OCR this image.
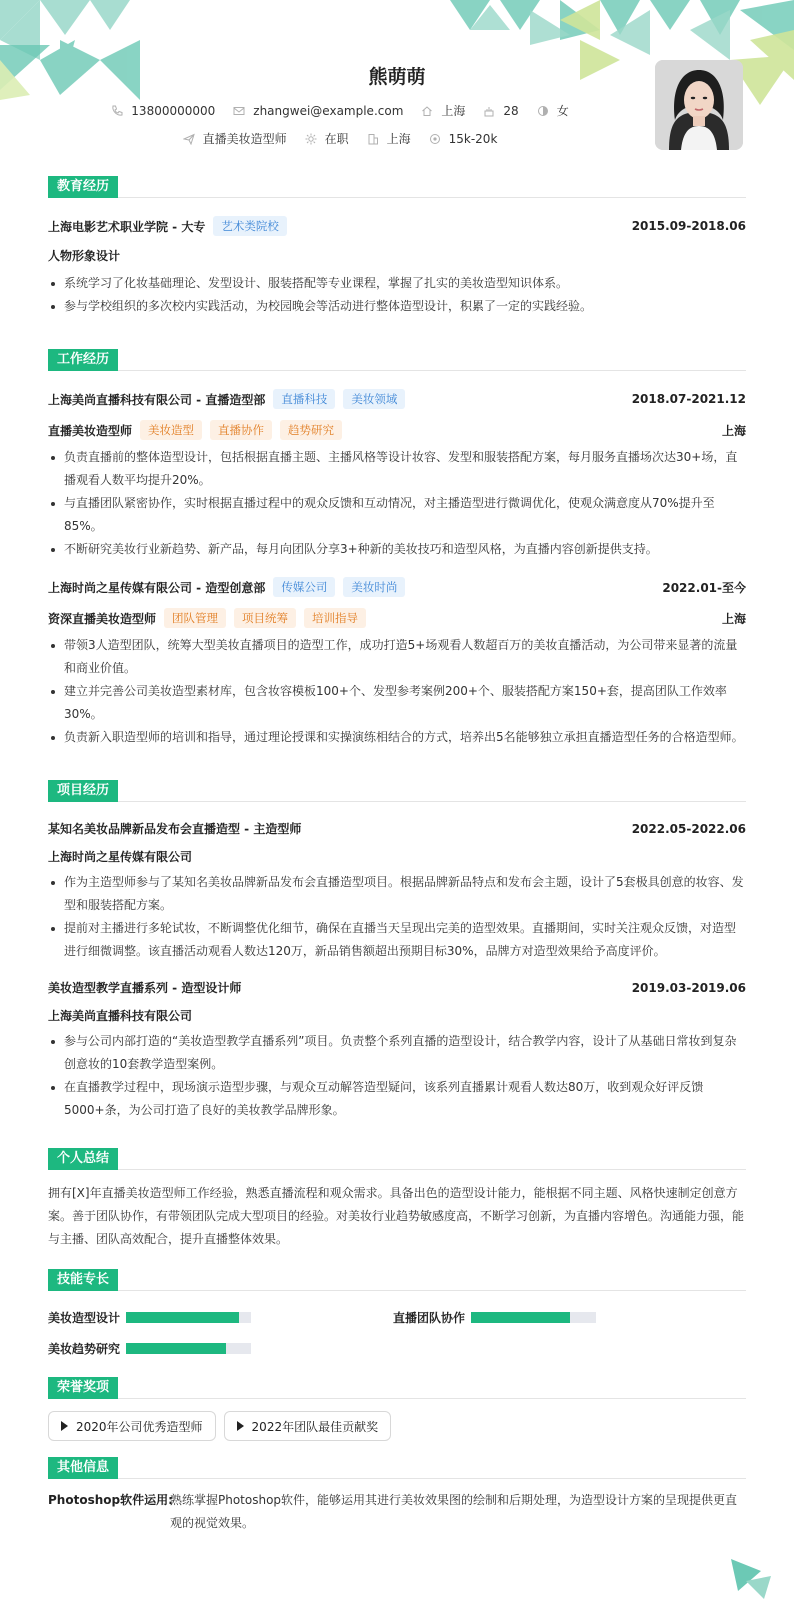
熊萌萌
13800000000	zhangwei@example.com	上海	28	女
直播美妆造型师	在职	上海	15k-20k
教育经历
上海电影艺术职业学院 - 大专	艺术类院校	2015.09-2018.06
人物形象设计
系统学习了化妆基础理论、发型设计、服装搭配等专业课程，掌握了扎实的美妆造型知识体系。
参与学校组织的多次校内实践活动，为校园晚会等活动进行整体造型设计，积累了一定的实践经验。
工作经历
上海美尚直播科技有限公司 - 直播造型部	直播科技	美妆领域	2018.07-2021.12
直播美妆造型师	美妆造型	直播协作	趋势研究	上海
负责直播前的整体造型设计，包括根据直播主题、主播风格等设计妆容、发型和服装搭配方案，每月服务直播场次达30+场，直播观看人数平均提升20%。
与直播团队紧密协作，实时根据直播过程中的观众反馈和互动情况，对主播造型进行微调优化，使观众满意度从70%提升至85%。
不断研究美妆行业新趋势、新产品，每月向团队分享3+种新的美妆技巧和造型风格，为直播内容创新提供支持。
上海时尚之星传媒有限公司 - 造型创意部	传媒公司	美妆时尚	2022.01-至今
资深直播美妆造型师	团队管理	项目统筹	培训指导	上海
带领3人造型团队，统筹大型美妆直播项目的造型工作，成功打造5+场观看人数超百万的美妆直播活动，为公司带来显著的流量和商业价值。
建立并完善公司美妆造型素材库，包含妆容模板100+个、发型参考案例200+个、服装搭配方案150+套，提高团队工作效率30%。
负责新入职造型师的培训和指导，通过理论授课和实操演练相结合的方式，培养出5名能够独立承担直播造型任务的合格造型师。
项目经历
某知名美妆品牌新品发布会直播造型 - 主造型师	2022.05-2022.06
上海时尚之星传媒有限公司
作为主造型师参与了某知名美妆品牌新品发布会直播造型项目。根据品牌新品特点和发布会主题，设计了5套极具创意的妆容、发型和服装搭配方案。
提前对主播进行多轮试妆，不断调整优化细节，确保在直播当天呈现出完美的造型效果。直播期间，实时关注观众反馈，对造型进行细微调整。该直播活动观看人数达120万，新品销售额超出预期目标30%，品牌方对造型效果给予高度评价。
美妆造型教学直播系列 - 造型设计师	2019.03-2019.06
上海美尚直播科技有限公司
参与公司内部打造的“美妆造型教学直播系列”项目。负责整个系列直播的造型设计，结合教学内容，设计了从基础日常妆到复杂创意妆的10套教学造型案例。
在直播教学过程中，现场演示造型步骤，与观众互动解答造型疑问，该系列直播累计观看人数达80万，收到观众好评反馈5000+条，为公司打造了良好的美妆教学品牌形象。
个人总结
拥有[X]年直播美妆造型师工作经验，熟悉直播流程和观众需求。具备出色的造型设计能力，能根据不同主题、风格快速制定创意方案。善于团队协作，有带领团队完成大型项目的经验。对美妆行业趋势敏感度高，不断学习创新，为直播内容增色。沟通能力强，能与主播、团队高效配合，提升直播整体效果。
技能专长
美妆造型设计	直播团队协作
美妆趋势研究
荣誉奖项
2020年公司优秀造型师	2022年团队最佳贡献奖
其他信息
Photoshop软件运用:
熟练掌握Photoshop软件，能够运用其进行美妆效果图的绘制和后期处理，为造型设计方案的呈现提供更直观的视觉效果。
